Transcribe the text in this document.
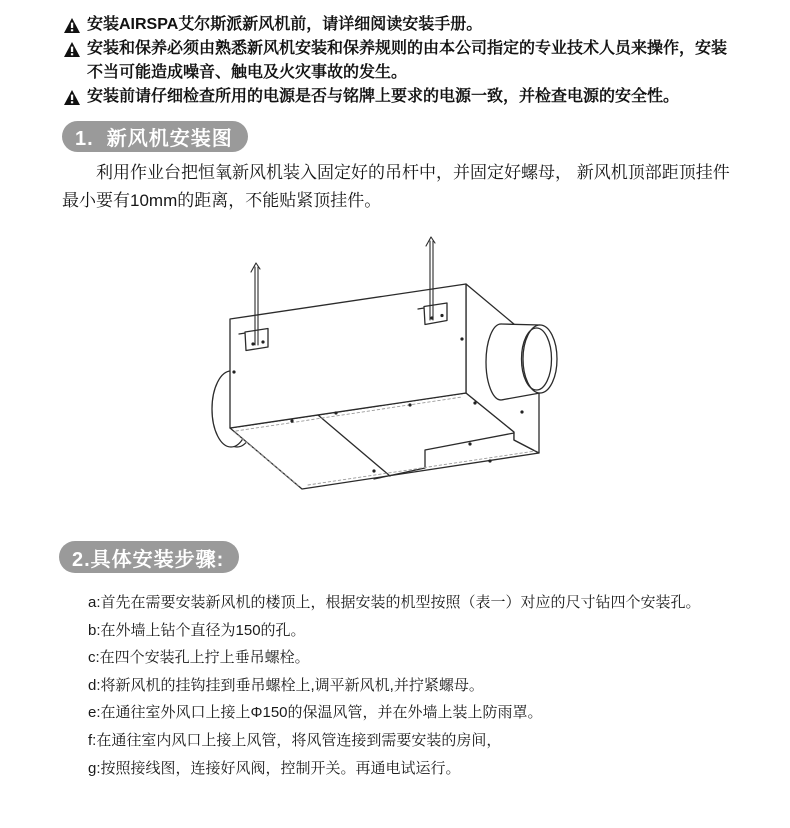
安装AIRSPA艾尔斯派新风机前，请详细阅读安装手册。
安装和保养必须由熟悉新风机安装和保养规则的由本公司指定的专业技术人员来操作，安装不当可能造成噪音、触电及火灾事故的发生。
安装前请仔细检查所用的电源是否与铭牌上要求的电源一致，并检查电源的安全性。
1.  新风机安装图

利用作业台把恒氧新风机装入固定好的吊杆中，并固定好螺母， 新风机顶部距顶挂件最小要有10mm的距离，不能贴紧顶挂件。

2.具体安装步骤:

a:首先在需要安装新风机的楼顶上，根据安装的机型按照（表一）对应的尺寸钻四个安装孔。

b:在外墙上钻个直径为150的孔。

c:在四个安装孔上拧上垂吊螺栓。

d:将新风机的挂钩挂到垂吊螺栓上,调平新风机,并拧紧螺母。

e:在通往室外风口上接上Φ150的保温风管，并在外墙上装上防雨罩。

f:在通往室内风口上接上风管，将风管连接到需要安装的房间，

g:按照接线图，连接好风阀，控制开关。再通电试运行。
